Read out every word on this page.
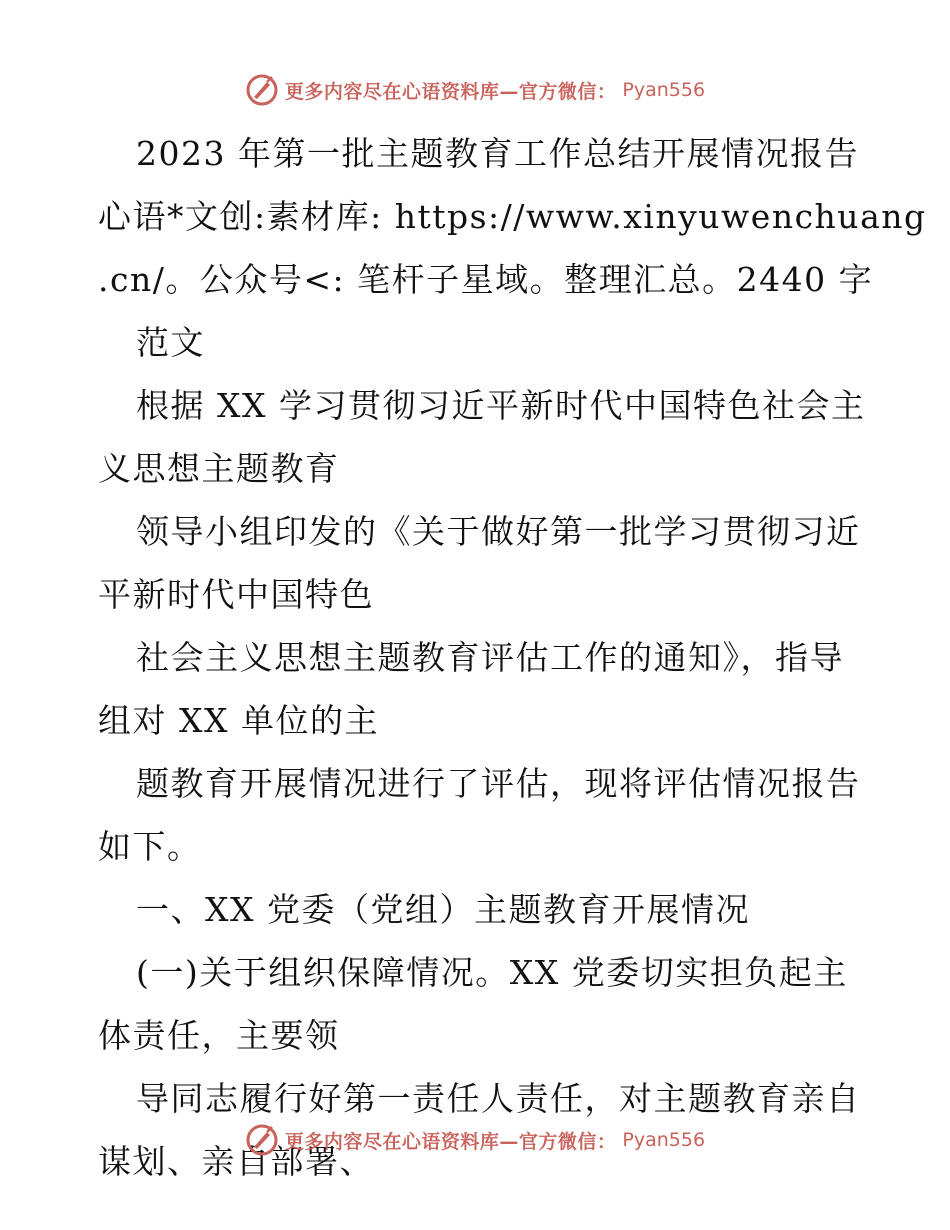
更多内容尽在心语资料库—官方微信： Pyan556
2023 年第一批主题教育工作总结开展情况报告
心语*文创:素材库: https://www.xinyuwenchuang
.cn/。公众号<: 笔杆子星域。整理汇总。2440 字
范文
根据 XX 学习贯彻习近平新时代中国特色社会主
义思想主题教育
领导小组印发的《关于做好第一批学习贯彻习近
平新时代中国特色
社会主义思想主题教育评估工作的通知》，指导
组对 XX 单位的主
题教育开展情况进行了评估，现将评估情况报告
如下。
一、XX 党委（党组）主题教育开展情况
(一)关于组织保障情况。XX 党委切实担负起主
体责任，主要领
导同志履行好第一责任人责任，对主题教育亲自
谋划、亲自部署、
更多内容尽在心语资料库—官方微信： Pyan556
